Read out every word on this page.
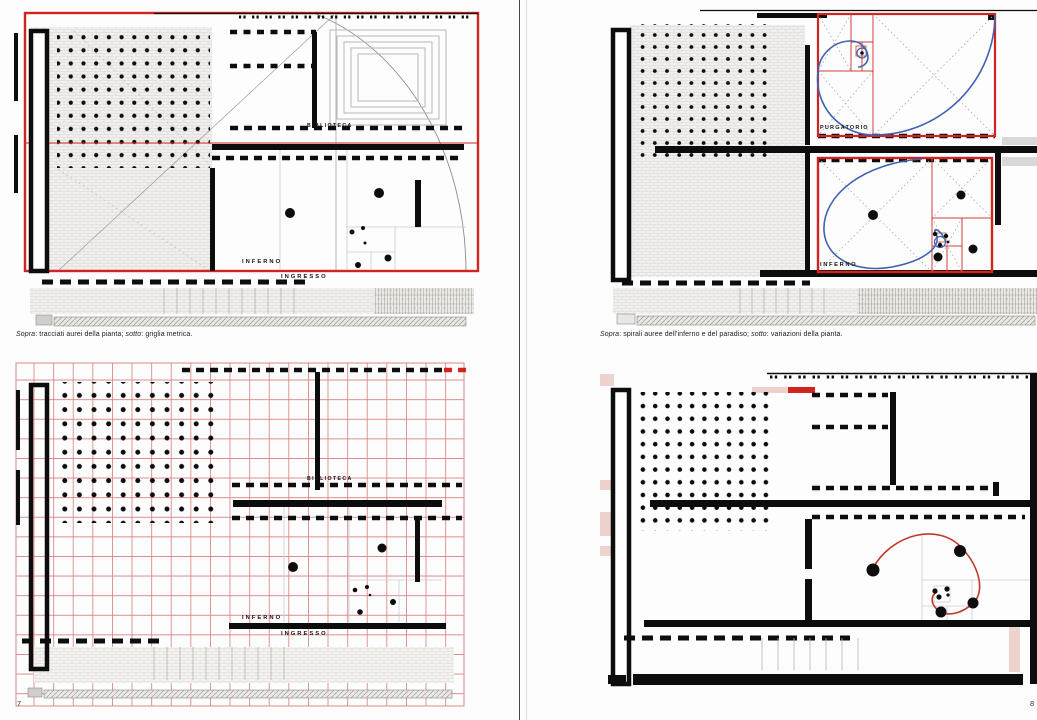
BIBLIOTECA
INFERNO
INGRESSO

Sopra: tracciati aurei della pianta; sotto: griglia metrica.

BIBLIOTECA
INFERNO
INGRESSO
7
PURGATORIO
INFERNO
8

Sopra: spirali auree dell'inferno e del paradiso; sotto: variazioni della pianta.
